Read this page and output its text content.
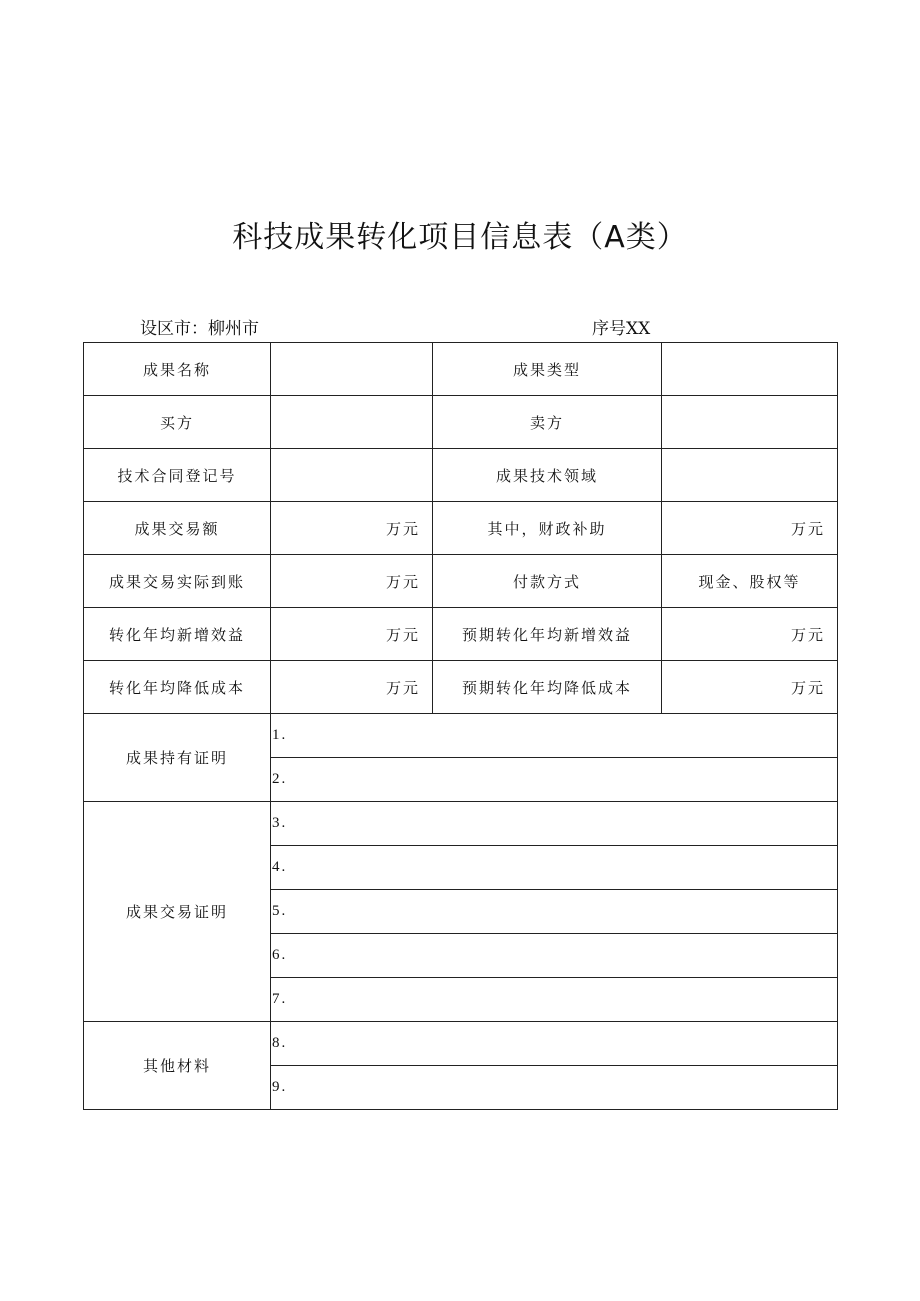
科技成果转化项目信息表（A类）
设区市：柳州市	序号XX
成果名称		成果类型	
买方		卖方	
技术合同登记号		成果技术领域	
成果交易额	万元	其中，财政补助	万元
成果交易实际到账	万元	付款方式	现金、股权等
转化年均新增效益	万元	预期转化年均新增效益	万元
转化年均降低成本	万元	预期转化年均降低成本	万元
成果持有证明	1.		
	2.		
成果交易证明	3.		
	4.		
	5.		
	6.		
	7.		
其他材料	8.		
	9.		
